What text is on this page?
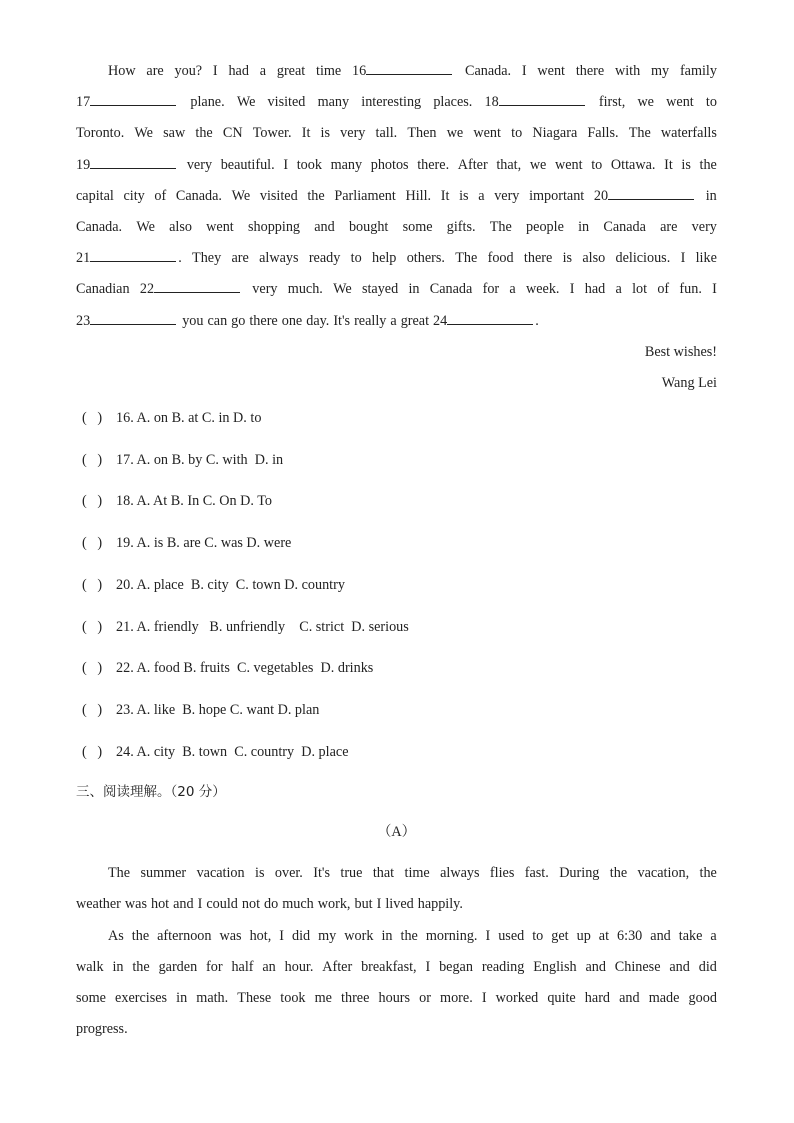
How are you? I had a great time 16	Canada. I went there with my family
17	plane. We visited many interesting places. 18	first, we went to
Toronto. We saw the CN Tower. It is very tall. Then we went to Niagara Falls. The waterfalls
19	very beautiful. I took many photos there. After that, we went to Ottawa. It is the
capital city of Canada. We visited the Parliament Hill. It is a very important 20	in
Canada. We also went shopping and bought some gifts. The people in Canada are very
21	. They are always ready to help others. The food there is also delicious. I like
Canadian 22	very much. We stayed in Canada for a week. I had a lot of fun. I
23	you can go there one day. It's really a great 24	.
Best wishes!
Wang Lei
(   ) 16. A. on B. at C. in D. to
(   ) 17. A. on B. by C. with  D. in
(   ) 18. A. At B. In C. On D. To
(   ) 19. A. is B. are C. was D. were
(   ) 20. A. place  B. city  C. town D. country
(   ) 21. A. friendly   B. unfriendly    C. strict  D. serious
(   ) 22. A. food B. fruits  C. vegetables  D. drinks
(   ) 23. A. like  B. hope C. want D. plan
(   ) 24. A. city  B. town  C. country  D. place
三、阅读理解。（20 分）
（A）
The summer vacation is over. It's true that time always flies fast. During the vacation, the
weather was hot and I could not do much work, but I lived happily.
As the afternoon was hot, I did my work in the morning. I used to get up at 6:30 and take a
walk in the garden for half an hour. After breakfast, I began reading English and Chinese and did
some exercises in math. These took me three hours or more. I worked quite hard and made good
progress.
